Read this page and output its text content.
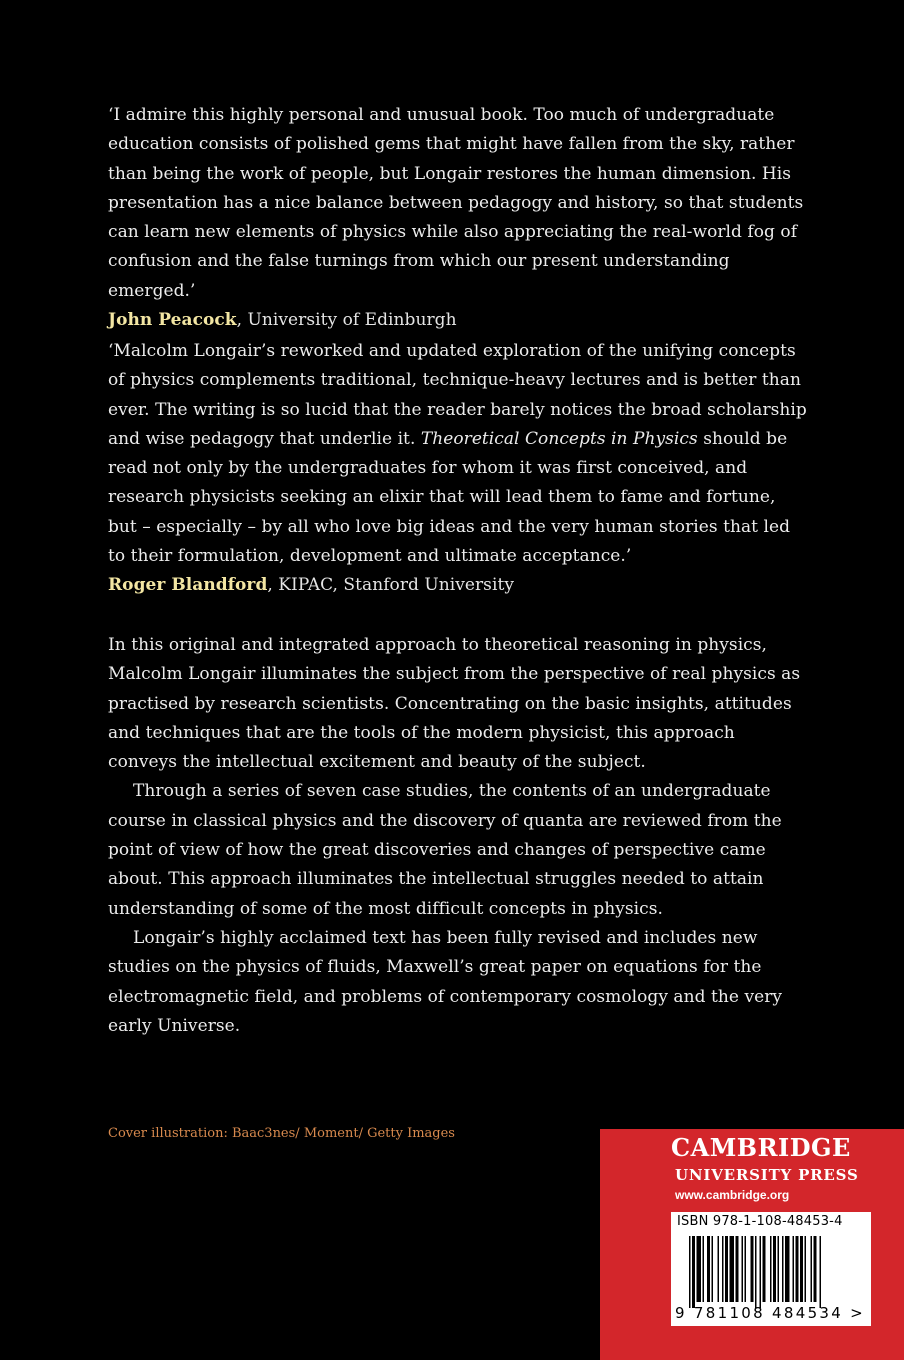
‘I admire this highly personal and unusual book. Too much of undergraduate education consists of polished gems that might have fallen from the sky, rather than being the work of people, but Longair restores the human dimension. His presentation has a nice balance between pedagogy and history, so that students can learn new elements of physics while also appreciating the real-world fog of confusion and the false turnings from which our present understanding emerged.’
John Peacock, University of Edinburgh

‘Malcolm Longair’s reworked and updated exploration of the unifying concepts of physics complements traditional, technique-heavy lectures and is better than ever. The writing is so lucid that the reader barely notices the broad scholarship and wise pedagogy that underlie it. Theoretical Concepts in Physics should be read not only by the undergraduates for whom it was first conceived, and research physicists seeking an elixir that will lead them to fame and fortune, but – especially – by all who love big ideas and the very human stories that led to their formulation, development and ultimate acceptance.’
Roger Blandford, KIPAC, Stanford University

In this original and integrated approach to theoretical reasoning in physics, Malcolm Longair illuminates the subject from the perspective of real physics as practised by research scientists. Concentrating on the basic insights, attitudes and techniques that are the tools of the modern physicist, this approach conveys the intellectual excitement and beauty of the subject.

Through a series of seven case studies, the contents of an undergraduate course in classical physics and the discovery of quanta are reviewed from the point of view of how the great discoveries and changes of perspective came about. This approach illuminates the intellectual struggles needed to attain understanding of some of the most difficult concepts in physics.

Longair’s highly acclaimed text has been fully revised and includes new studies on the physics of fluids, Maxwell’s great paper on equations for the electromagnetic field, and problems of contemporary cosmology and the very early Universe.

Cover illustration: Baac3nes/ Moment/ Getty Images	CAMBRIDGE
UNIVERSITY PRESS
www.cambridge.org
ISBN 978-1-108-48453-4
9 781108 484534 >
